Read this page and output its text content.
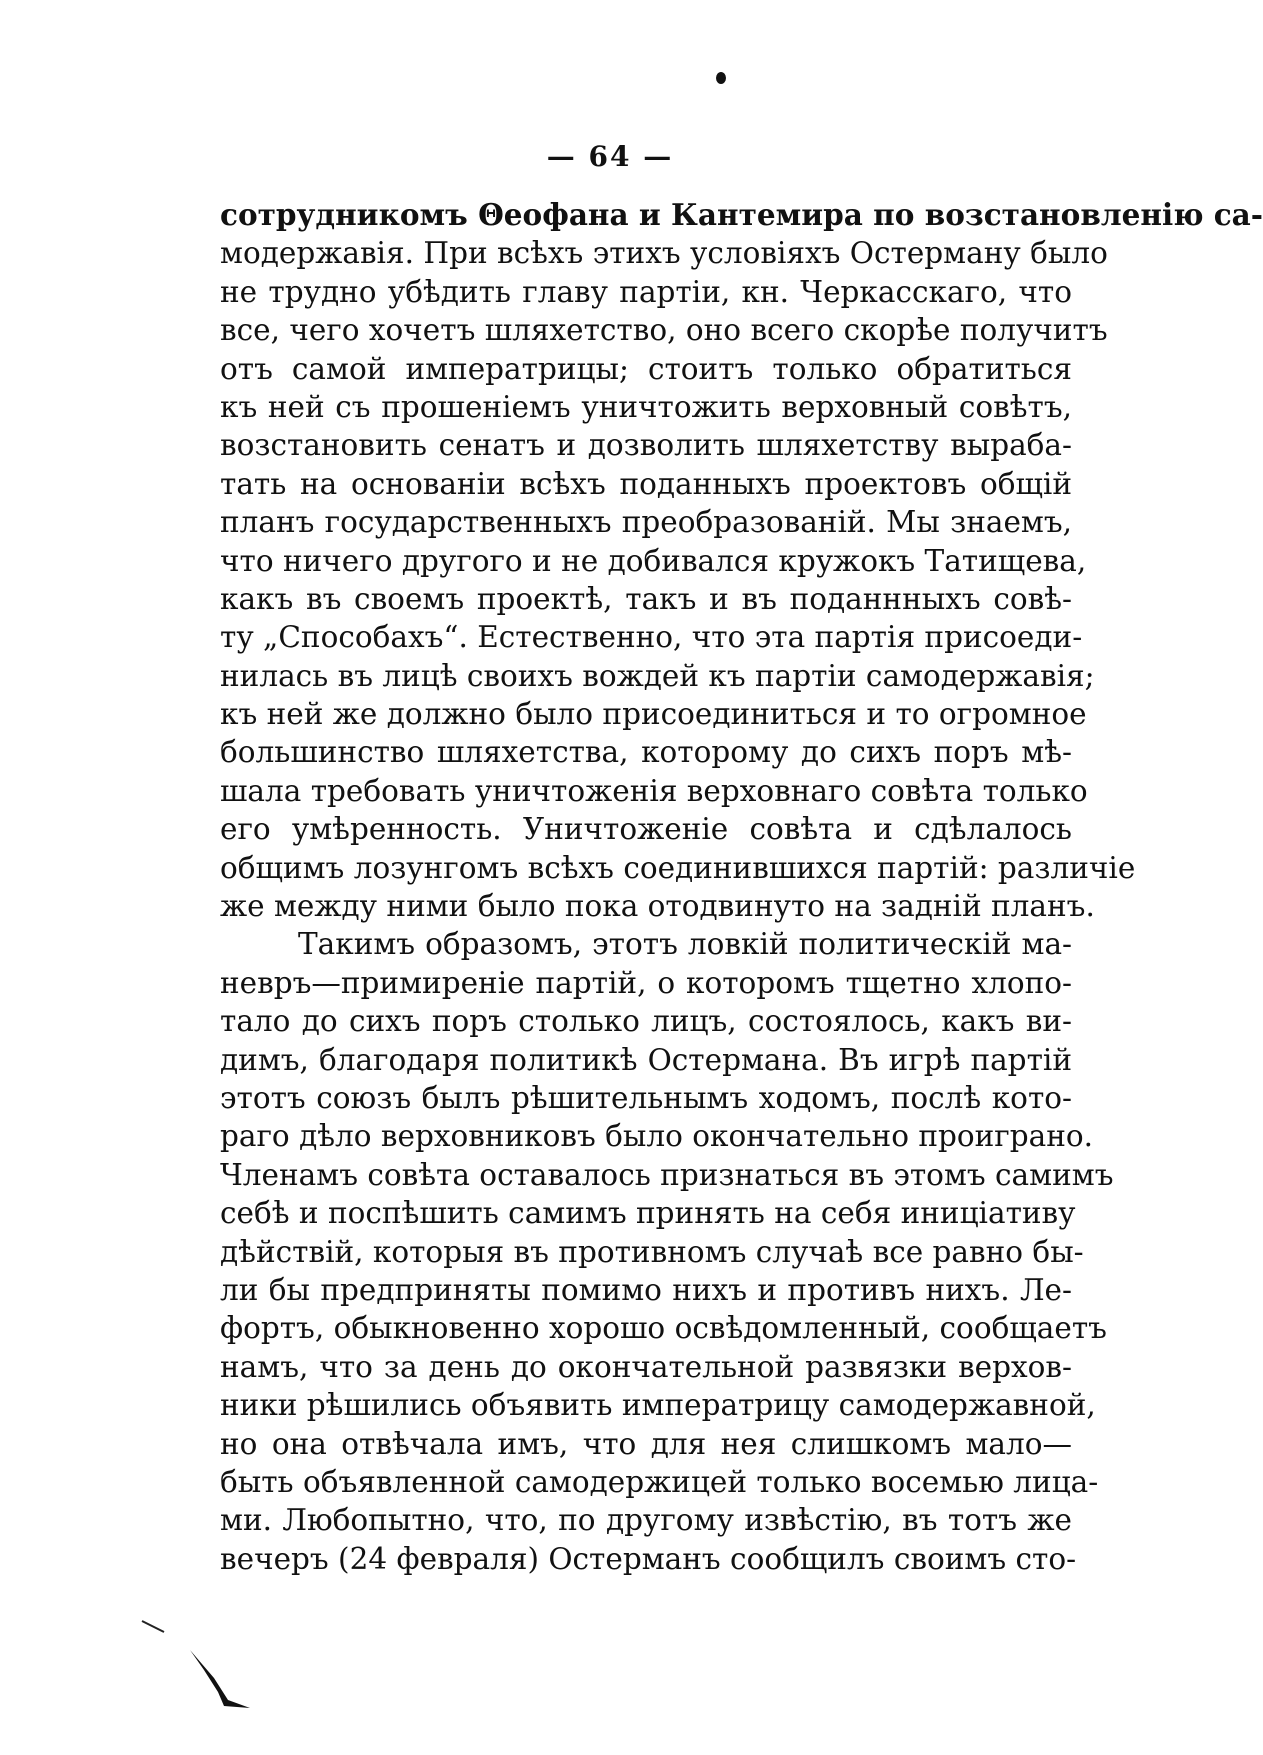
— 64 —
сотрудникомъ Θеофана и Кантемира по возстановленію са-
модержавія. При всѣхъ этихъ условіяхъ Остерману было
не трудно убѣдить главу партіи, кн. Черкасскаго, что
все, чего хочетъ шляхетство, оно всего скорѣе получитъ
отъ самой императрицы; стоитъ только обратиться
къ ней съ прошеніемъ уничтожить верховный совѣтъ,
возстановить сенатъ и дозволить шляхетству выраба-
тать на основаніи всѣхъ поданныхъ проектовъ общій
планъ государственныхъ преобразованій. Мы знаемъ,
что ничего другого и не добивался кружокъ Татищева,
какъ въ своемъ проектѣ, такъ и въ поданнныхъ совѣ-
ту „Способахъ“. Естественно, что эта партія присоеди-
нилась въ лицѣ своихъ вождей къ партіи самодержавія;
къ ней же должно было присоединиться и то огромное
большинство шляхетства, которому до сихъ поръ мѣ-
шала требовать уничтоженія верховнаго совѣта только
его умѣренность. Уничтоженіе совѣта и сдѣлалось
общимъ лозунгомъ всѣхъ соединившихся партій: различіе
же между ними было пока отодвинуто на задній планъ.
Такимъ образомъ, этотъ ловкій политическій ма-
невръ—примиреніе партій, о которомъ тщетно хлопо-
тало до сихъ поръ столько лицъ, состоялось, какъ ви-
димъ, благодаря политикѣ Остермана. Въ игрѣ партій
этотъ союзъ былъ рѣшительнымъ ходомъ, послѣ кото-
раго дѣло верховниковъ было окончательно проиграно.
Членамъ совѣта оставалось признаться въ этомъ самимъ
себѣ и поспѣшить самимъ принять на себя иниціативу
дѣйствій, которыя въ противномъ случаѣ все равно бы-
ли бы предприняты помимо нихъ и противъ нихъ. Ле-
фортъ, обыкновенно хорошо освѣдомленный, сообщаетъ
намъ, что за день до окончательной развязки верхов-
ники рѣшились объявить императрицу самодержавной,
но она отвѣчала имъ, что для нея слишкомъ мало—
быть объявленной самодержицей только восемью лица-
ми. Любопытно, что, по другому извѣстію, въ тотъ же
вечеръ (24 февраля) Остерманъ сообщилъ своимъ сто-
